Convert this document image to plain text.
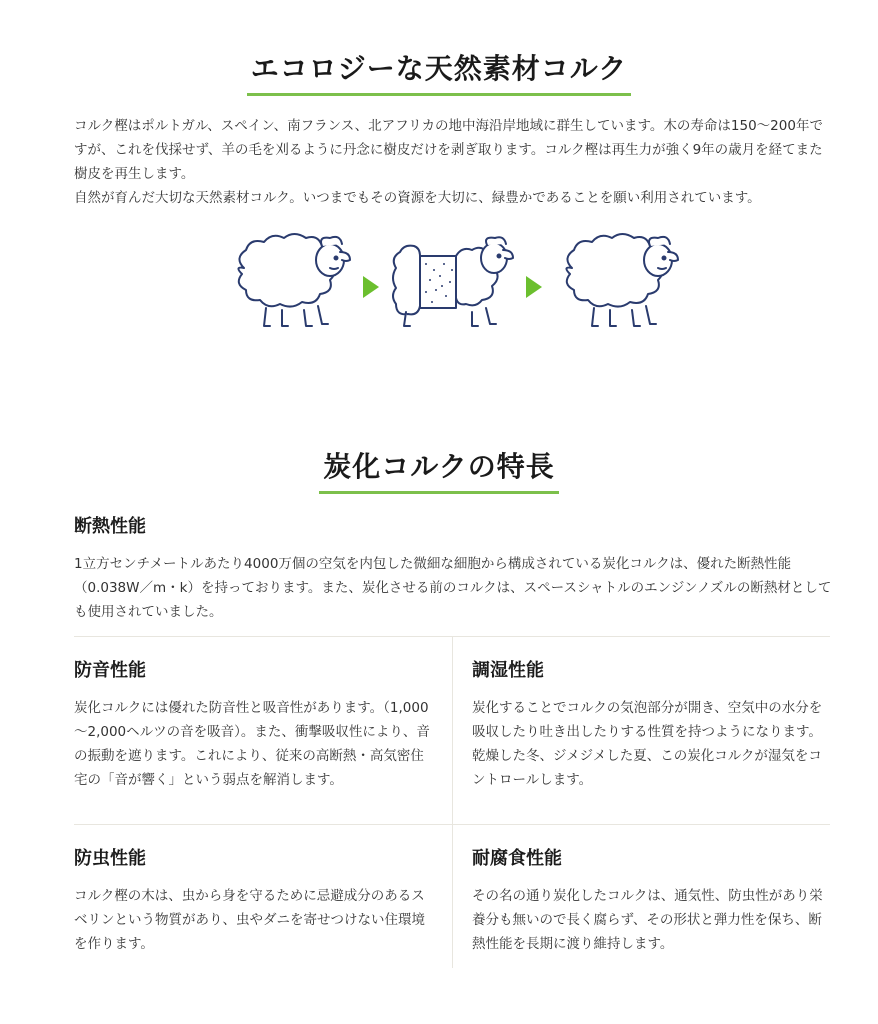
エコロジーな天然素材コルク

コルク樫はポルトガル、スペイン、南フランス、北アフリカの地中海沿岸地域に群生しています。木の寿命は150～200年ですが、これを伐採せず、羊の毛を刈るように丹念に樹皮だけを剥ぎ取ります。コルク樫は再生力が強く9年の歳月を経てまた樹皮を再生します。

自然が育んだ大切な天然素材コルク。いつまでもその資源を大切に、緑豊かであることを願い利用されています。

炭化コルクの特長
断熱性能

1立方センチメートルあたり4000万個の空気を内包した微細な細胞から構成されている炭化コルクは、優れた断熱性能（0.038W／m・k）を持っております。また、炭化させる前のコルクは、スペースシャトルのエンジンノズルの断熱材としても使用されていました。

防音性能

炭化コルクには優れた防音性と吸音性があります。（1,000～2,000ヘルツの音を吸音）。また、衝撃吸収性により、音の振動を遮ります。これにより、従来の高断熱・高気密住宅の「音が響く」という弱点を解消します。

調湿性能

炭化することでコルクの気泡部分が開き、空気中の水分を吸収したり吐き出したりする性質を持つようになります。乾燥した冬、ジメジメした夏、この炭化コルクが湿気をコントロールします。

防虫性能

コルク樫の木は、虫から身を守るために忌避成分のあるスベリンという物質があり、虫やダニを寄せつけない住環境を作ります。

耐腐食性能

その名の通り炭化したコルクは、通気性、防虫性があり栄養分も無いので長く腐らず、その形状と弾力性を保ち、断熱性能を長期に渡り維持します。
